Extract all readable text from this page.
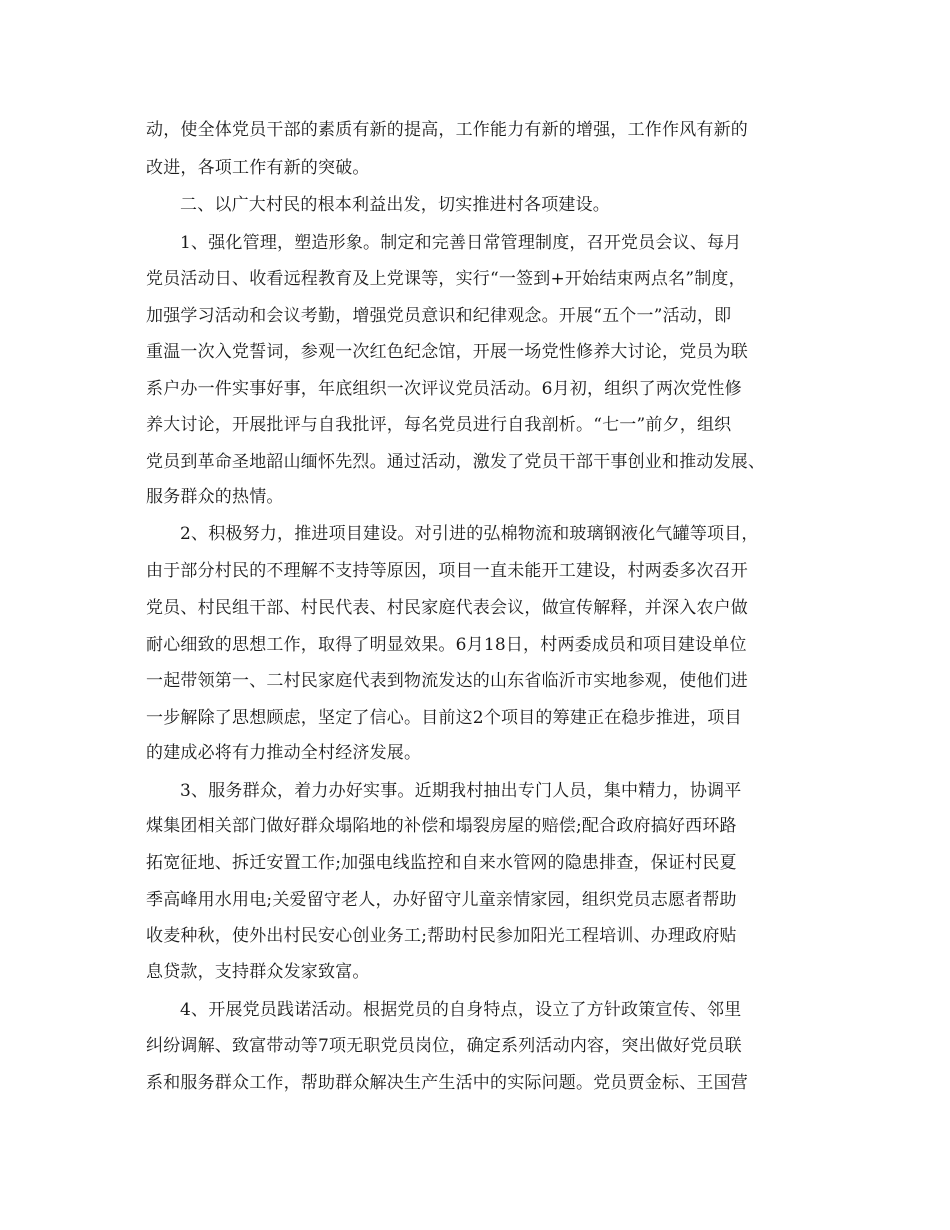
动，使全体党员干部的素质有新的提高，工作能力有新的增强，工作作风有新的
改进，各项工作有新的突破。
二、以广大村民的根本利益出发，切实推进村各项建设。
1、强化管理，塑造形象。制定和完善日常管理制度，召开党员会议、每月
党员活动日、收看远程教育及上党课等，实行“一签到+开始结束两点名”制度，
加强学习活动和会议考勤，增强党员意识和纪律观念。开展“五个一”活动，即
重温一次入党誓词，参观一次红色纪念馆，开展一场党性修养大讨论，党员为联
系户办一件实事好事，年底组织一次评议党员活动。6月初，组织了两次党性修
养大讨论，开展批评与自我批评，每名党员进行自我剖析。“七一”前夕，组织
党员到革命圣地韶山缅怀先烈。通过活动，激发了党员干部干事创业和推动发展、
服务群众的热情。
2、积极努力，推进项目建设。对引进的弘棉物流和玻璃钢液化气罐等项目，
由于部分村民的不理解不支持等原因，项目一直未能开工建设，村两委多次召开
党员、村民组干部、村民代表、村民家庭代表会议，做宣传解释，并深入农户做
耐心细致的思想工作，取得了明显效果。6月18日，村两委成员和项目建设单位
一起带领第一、二村民家庭代表到物流发达的山东省临沂市实地参观，使他们进
一步解除了思想顾虑，坚定了信心。目前这2个项目的筹建正在稳步推进，项目
的建成必将有力推动全村经济发展。
3、服务群众，着力办好实事。近期我村抽出专门人员，集中精力，协调平
煤集团相关部门做好群众塌陷地的补偿和塌裂房屋的赔偿;配合政府搞好西环路
拓宽征地、拆迁安置工作;加强电线监控和自来水管网的隐患排查，保证村民夏
季高峰用水用电;关爱留守老人，办好留守儿童亲情家园，组织党员志愿者帮助
收麦种秋，使外出村民安心创业务工;帮助村民参加阳光工程培训、办理政府贴
息贷款，支持群众发家致富。
4、开展党员践诺活动。根据党员的自身特点，设立了方针政策宣传、邻里
纠纷调解、致富带动等7项无职党员岗位，确定系列活动内容，突出做好党员联
系和服务群众工作，帮助群众解决生产生活中的实际问题。党员贾金标、王国营
